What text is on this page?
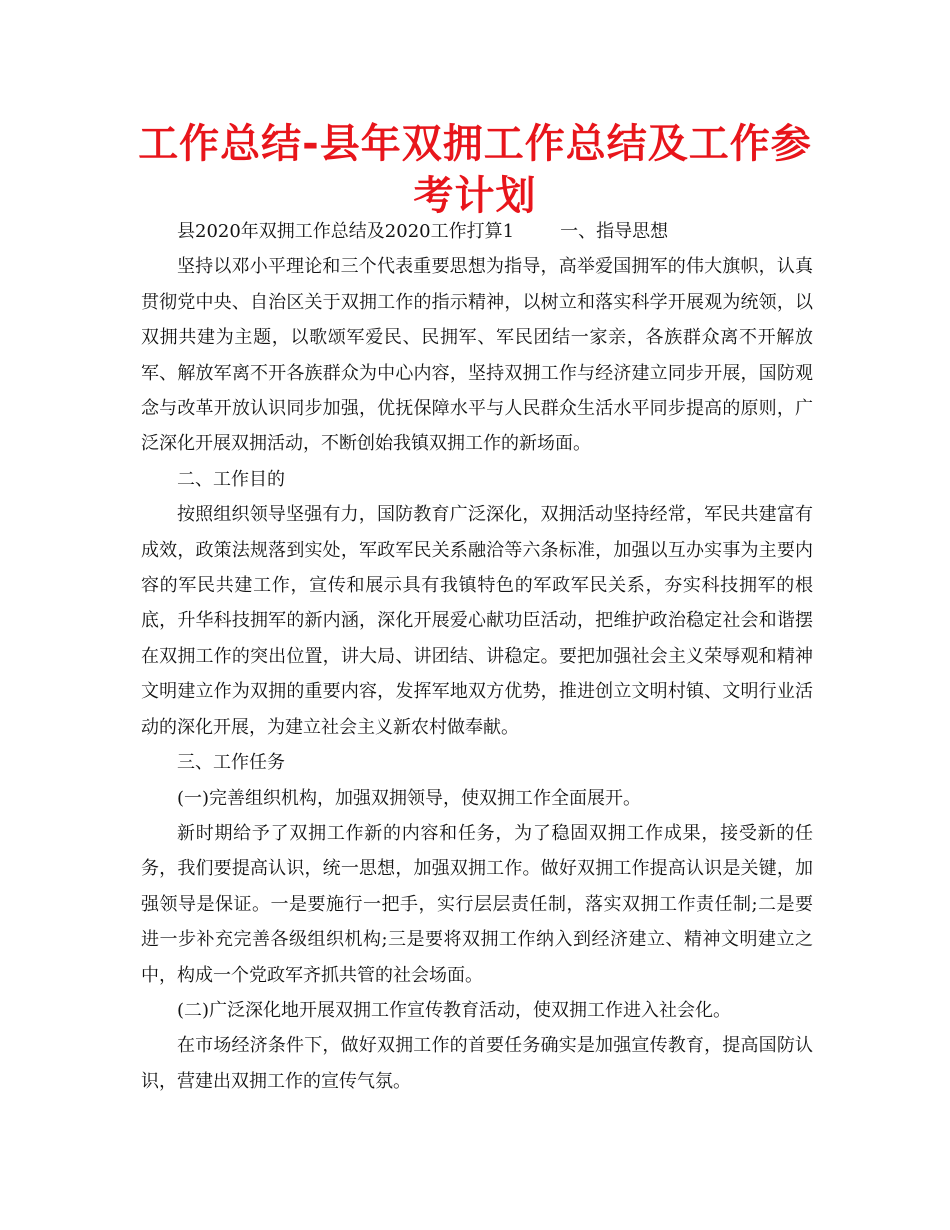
工作总结-县年双拥工作总结及工作参考计划

县2020年双拥工作总结及2020工作打算1	一、指导思想

坚持以邓小平理论和三个代表重要思想为指导，高举爱国拥军的伟大旗帜，认真贯彻党中央、自治区关于双拥工作的指示精神，以树立和落实科学开展观为统领，以双拥共建为主题，以歌颂军爱民、民拥军、军民团结一家亲，各族群众离不开解放军、解放军离不开各族群众为中心内容，坚持双拥工作与经济建立同步开展，国防观念与改革开放认识同步加强，优抚保障水平与人民群众生活水平同步提高的原则，广泛深化开展双拥活动，不断创始我镇双拥工作的新场面。

二、工作目的

按照组织领导坚强有力，国防教育广泛深化，双拥活动坚持经常，军民共建富有成效，政策法规落到实处，军政军民关系融洽等六条标准，加强以互办实事为主要内容的军民共建工作，宣传和展示具有我镇特色的军政军民关系，夯实科技拥军的根底，升华科技拥军的新内涵，深化开展爱心献功臣活动，把维护政治稳定社会和谐摆在双拥工作的突出位置，讲大局、讲团结、讲稳定。要把加强社会主义荣辱观和精神文明建立作为双拥的重要内容，发挥军地双方优势，推进创立文明村镇、文明行业活动的深化开展，为建立社会主义新农村做奉献。

三、工作任务

(一)完善组织机构，加强双拥领导，使双拥工作全面展开。

新时期给予了双拥工作新的内容和任务，为了稳固双拥工作成果，接受新的任务，我们要提高认识，统一思想，加强双拥工作。做好双拥工作提高认识是关键，加强领导是保证。一是要施行一把手，实行层层责任制，落实双拥工作责任制;二是要进一步补充完善各级组织机构;三是要将双拥工作纳入到经济建立、精神文明建立之中，构成一个党政军齐抓共管的社会场面。

(二)广泛深化地开展双拥工作宣传教育活动，使双拥工作进入社会化。

在市场经济条件下，做好双拥工作的首要任务确实是加强宣传教育，提高国防认识，营建出双拥工作的宣传气氛。
